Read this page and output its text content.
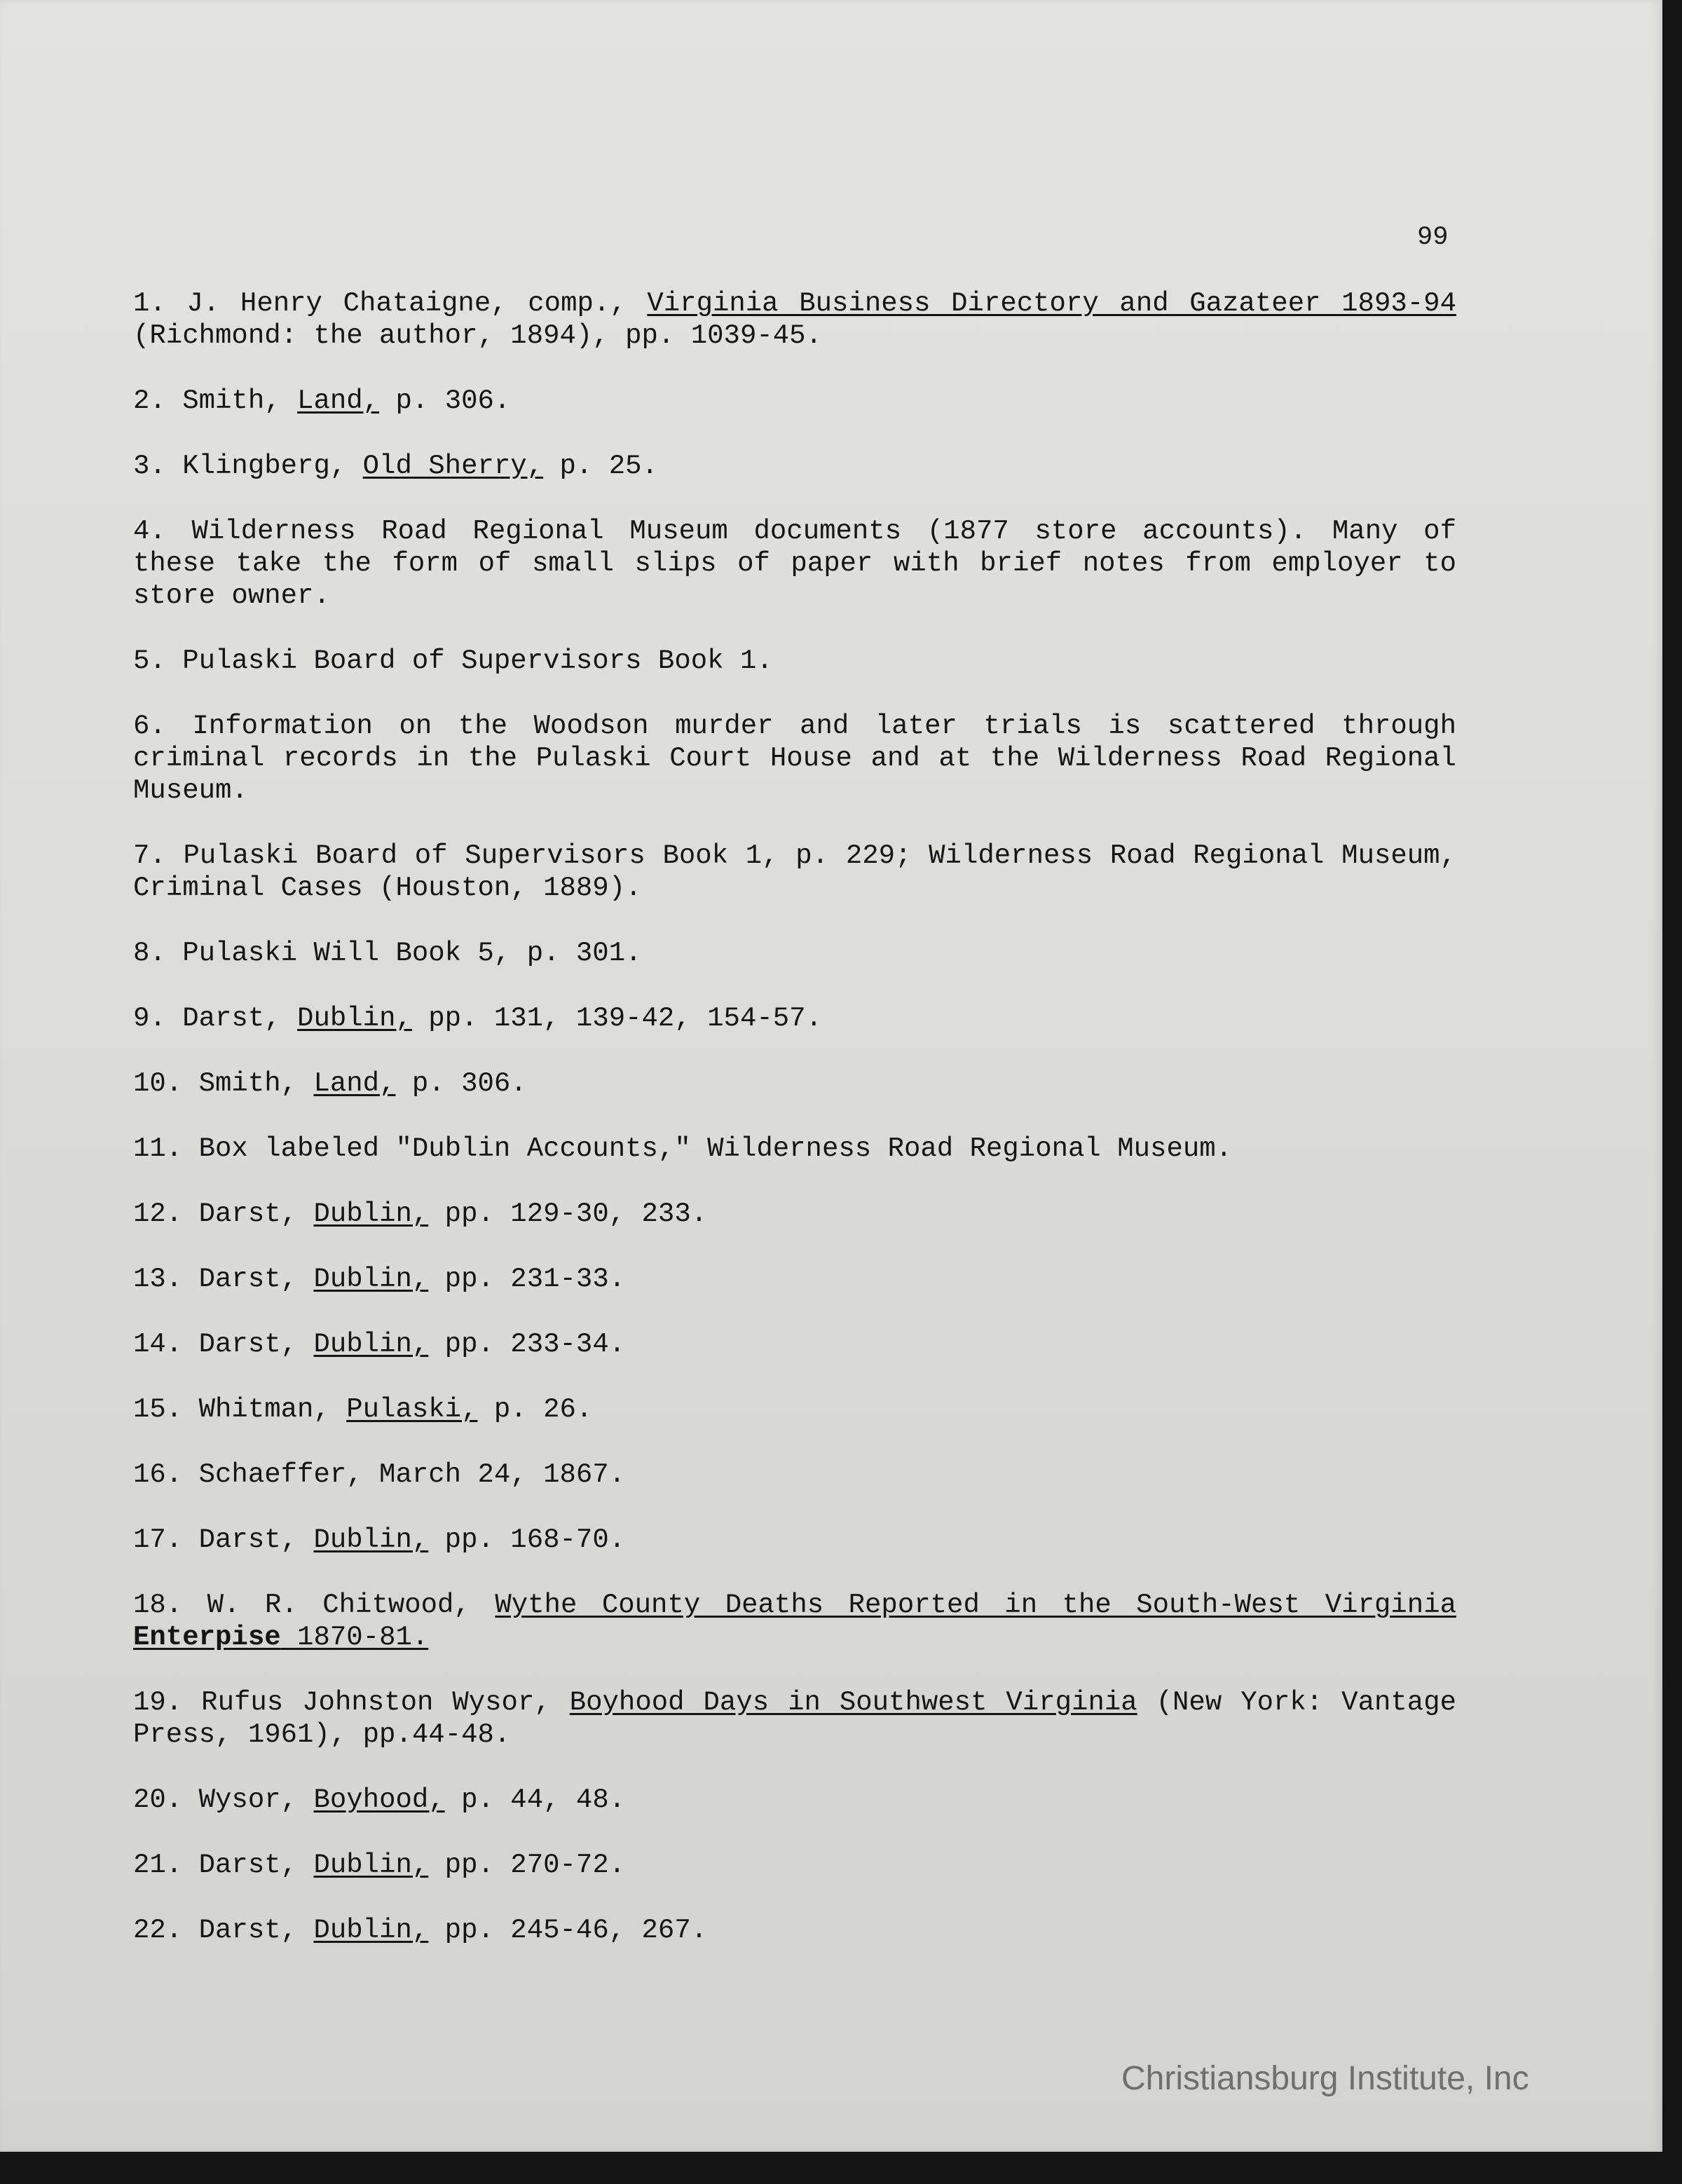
99
1. J. Henry Chataigne, comp., Virginia Business Directory and Gazateer 1893-94 (Richmond: the author, 1894), pp. 1039-45.
2. Smith, Land, p. 306.
3. Klingberg, Old Sherry, p. 25.
4. Wilderness Road Regional Museum documents (1877 store accounts). Many of these take the form of small slips of paper with brief notes from employer to store owner.
5. Pulaski Board of Supervisors Book 1.
6. Information on the Woodson murder and later trials is scattered through criminal records in the Pulaski Court House and at the Wilderness Road Regional Museum.
7. Pulaski Board of Supervisors Book 1, p. 229; Wilderness Road Regional Museum, Criminal Cases (Houston, 1889).
8. Pulaski Will Book 5, p. 301.
9. Darst, Dublin, pp. 131, 139-42, 154-57.
10. Smith, Land, p. 306.
11. Box labeled "Dublin Accounts," Wilderness Road Regional Museum.
12. Darst, Dublin, pp. 129-30, 233.
13. Darst, Dublin, pp. 231-33.
14. Darst, Dublin, pp. 233-34.
15. Whitman, Pulaski, p. 26.
16. Schaeffer, March 24, 1867.
17. Darst, Dublin, pp. 168-70.
18. W. R. Chitwood, Wythe County Deaths Reported in the South-West Virginia Enterpise 1870-81.
19. Rufus Johnston Wysor, Boyhood Days in Southwest Virginia (New York: Vantage Press, 1961), pp.44-48.
20. Wysor, Boyhood, p. 44, 48.
21. Darst, Dublin, pp. 270-72.
22. Darst, Dublin, pp. 245-46, 267.
Christiansburg Institute, Inc
